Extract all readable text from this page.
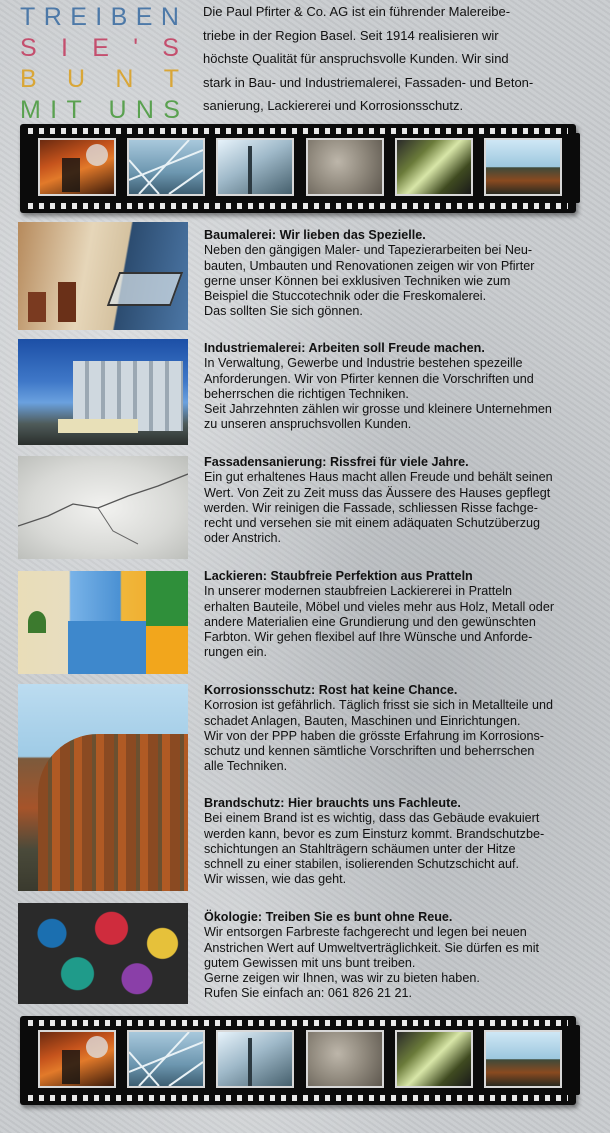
T R E I B E N
S I E ' S
B U N T
M I T U N S
Die Paul Pfirter & Co. AG ist ein führender Malereibe-
triebe in der Region Basel. Seit 1914 realisieren wir
höchste Qualität für anspruchsvolle Kunden. Wir sind
stark in Bau- und Industriemalerei, Fassaden- und Beton-
sanierung, Lackiererei und Korrosionsschutz.
Baumalerei: Wir lieben das Spezielle.
Neben den gängigen Maler- und Tapezierarbeiten bei Neu-
bauten, Umbauten und Renovationen zeigen wir von Pfirter
gerne unser Können bei exklusiven Techniken wie zum
Beispiel die Stuccotechnik oder die Freskomalerei.
Das sollten Sie sich gönnen.
Industriemalerei: Arbeiten soll Freude machen.
In Verwaltung, Gewerbe und Industrie bestehen spezeille
Anforderungen. Wir von Pfirter kennen die Vorschriften und
beherrschen die richtigen Techniken.
Seit Jahrzehnten zählen wir grosse und kleinere Unternehmen
zu unseren anspruchsvollen Kunden.
Fassadensanierung: Rissfrei für viele Jahre.
Ein gut erhaltenes Haus macht allen Freude und behält seinen
Wert. Von Zeit zu Zeit muss das Äussere des Hauses gepflegt
werden. Wir reinigen die Fassade, schliessen Risse fachge-
recht und versehen sie mit einem adäquaten Schutzüberzug
oder Anstrich.
Lackieren: Staubfreie Perfektion aus Pratteln
In unserer modernen staubfreien Lackiererei in Pratteln
erhalten Bauteile, Möbel und vieles mehr aus Holz, Metall oder
andere Materialien eine Grundierung und den gewünschten
Farbton. Wir gehen flexibel auf Ihre Wünsche und Anforde-
rungen ein.
Korrosionsschutz: Rost hat keine Chance.
Korrosion ist gefährlich. Täglich frisst sie sich in Metallteile und
schadet Anlagen, Bauten, Maschinen und Einrichtungen.
Wir von der PPP haben die grösste Erfahrung im Korrosions-
schutz und kennen sämtliche Vorschriften und beherrschen
alle Techniken.
Brandschutz: Hier brauchts uns Fachleute.
Bei einem Brand ist es wichtig, dass das Gebäude evakuiert
werden kann, bevor es zum Einsturz kommt. Brandschutzbe-
schichtungen an Stahlträgern schäumen unter der Hitze
schnell zu einer stabilen, isolierenden Schutzschicht auf.
Wir wissen, wie das geht.
Ökologie: Treiben Sie es bunt ohne Reue.
Wir entsorgen Farbreste fachgerecht und legen bei neuen
Anstrichen Wert auf Umweltverträglichkeit. Sie dürfen es mit
gutem Gewissen mit uns bunt treiben.
Gerne zeigen wir Ihnen, was wir zu bieten haben.
Rufen Sie einfach an: 061 826 21 21.
